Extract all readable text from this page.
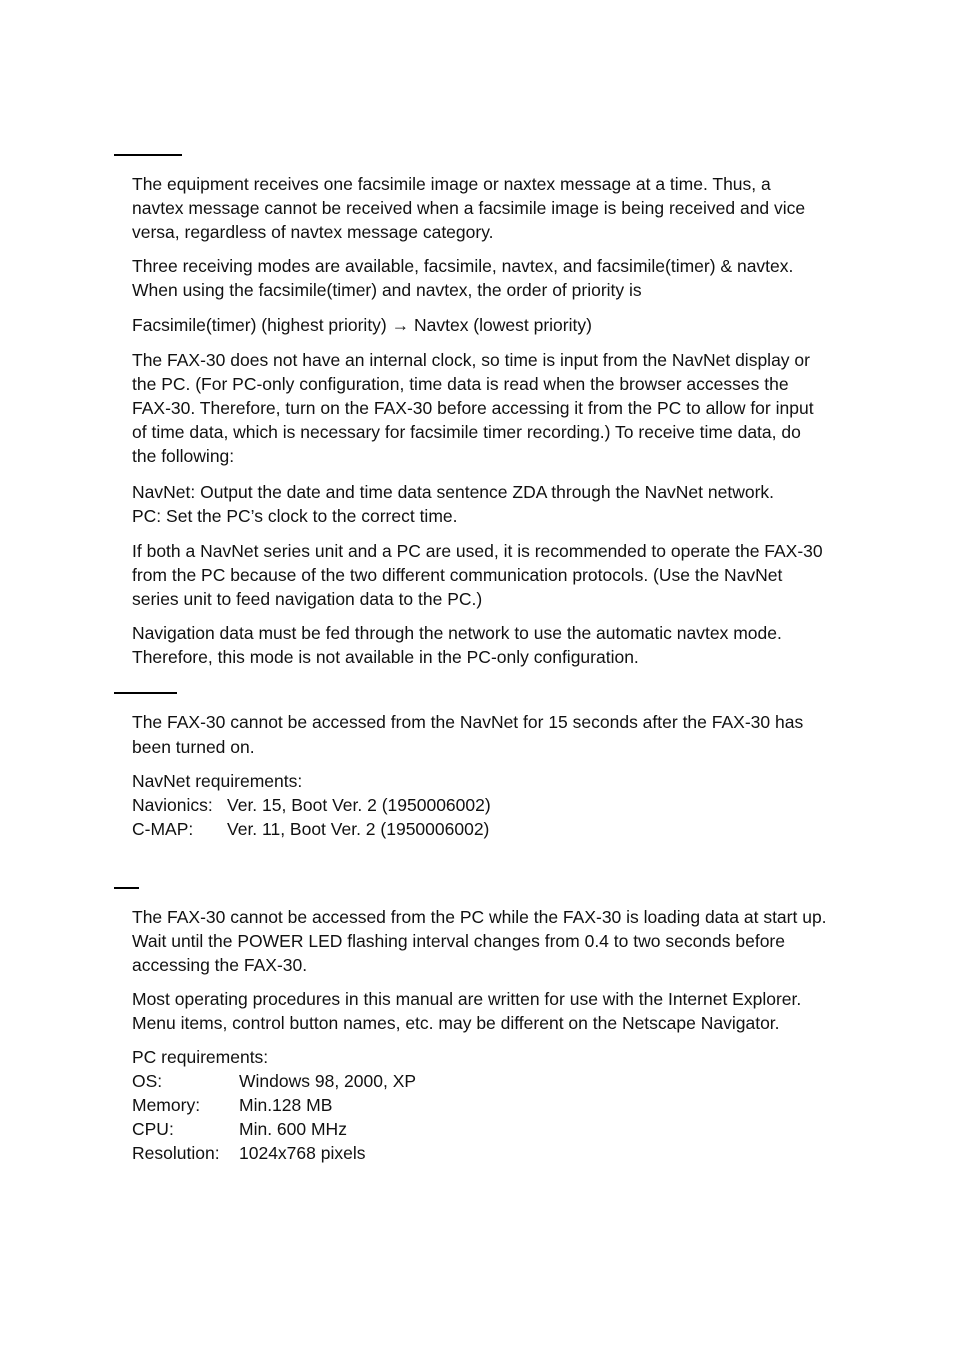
The equipment receives one facsimile image or naxtex message at a time. Thus, a
navtex message cannot be received when a facsimile image is being received and vice
versa, regardless of navtex message category.

Three receiving modes are available, facsimile, navtex, and facsimile(timer) & navtex.
When using the facsimile(timer) and navtex, the order of priority is

Facsimile(timer) (highest priority) → Navtex (lowest priority)

The FAX-30 does not have an internal clock, so time is input from the NavNet display or
the PC. (For PC-only configuration, time data is read when the browser accesses the
FAX-30. Therefore, turn on the FAX-30 before accessing it from the PC to allow for input
of time data, which is necessary for facsimile timer recording.) To receive time data, do
the following:

NavNet: Output the date and time data sentence ZDA through the NavNet network.
PC: Set the PC’s clock to the correct time.

If both a NavNet series unit and a PC are used, it is recommended to operate the FAX-30
from the PC because of the two different communication protocols. (Use the NavNet
series unit to feed navigation data to the PC.)

Navigation data must be fed through the network to use the automatic navtex mode.
Therefore, this mode is not available in the PC-only configuration.

The FAX-30 cannot be accessed from the NavNet for 15 seconds after the FAX-30 has
been turned on.

NavNet requirements:

Navionics: Ver. 15, Boot Ver. 2 (1950006002)
C-MAP:	Ver. 11, Boot Ver. 2 (1950006002)

The FAX-30 cannot be accessed from the PC while the FAX-30 is loading data at start up.
Wait until the POWER LED flashing interval changes from 0.4 to two seconds before
accessing the FAX-30.

Most operating procedures in this manual are written for use with the Internet Explorer.
Menu items, control button names, etc. may be different on the Netscape Navigator.

PC requirements:

OS:	Windows 98, 2000, XP
Memory:	Min.128 MB
CPU:	Min. 600 MHz
Resolution:	1024x768 pixels
